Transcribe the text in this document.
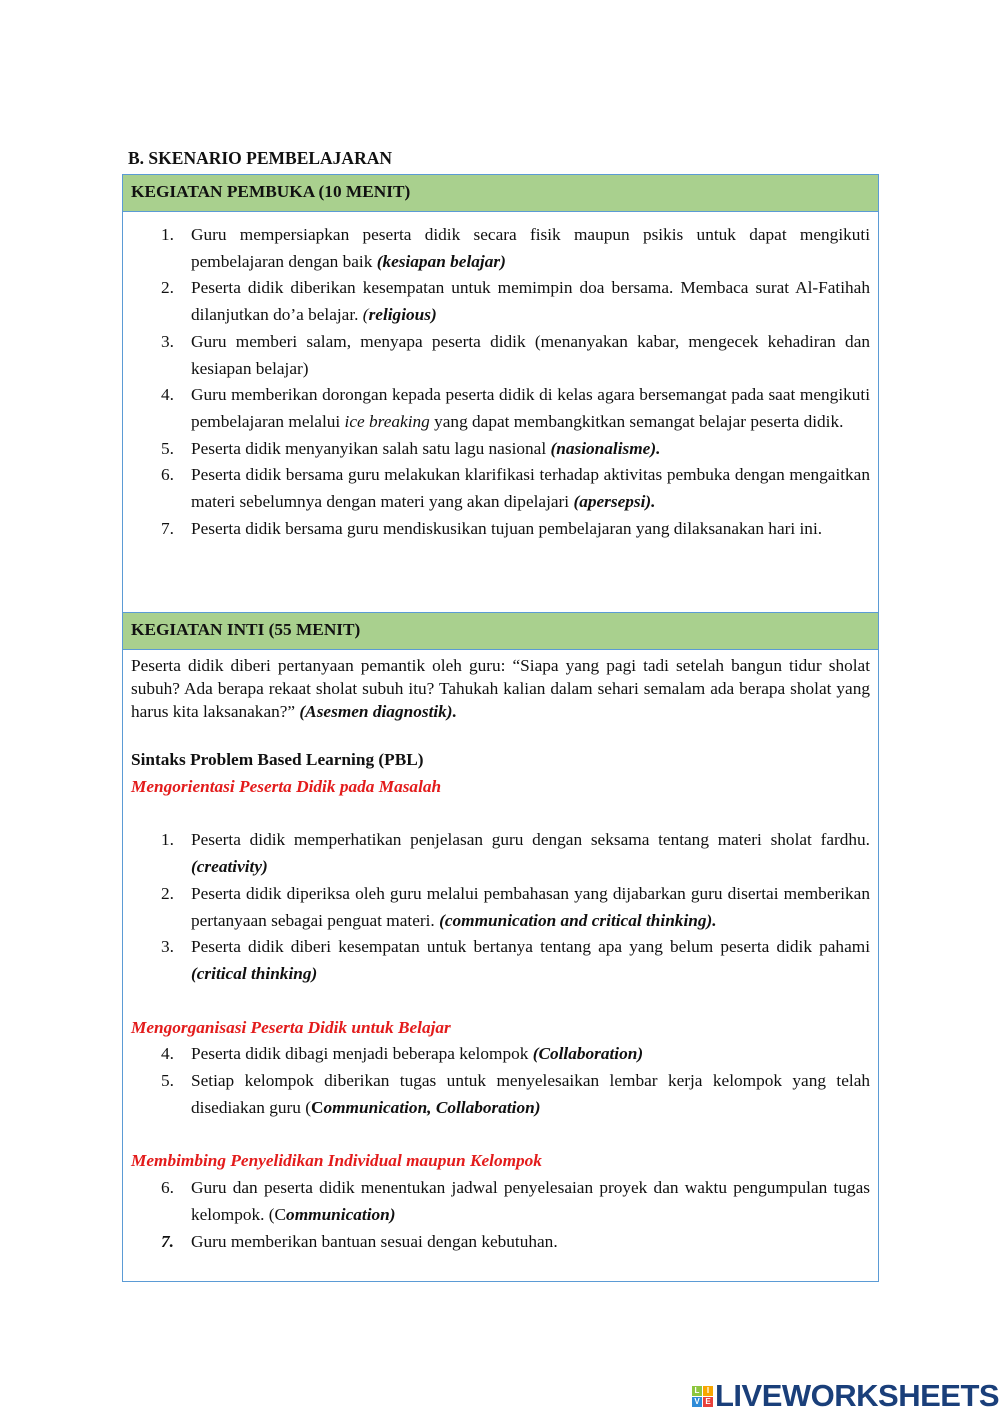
B. SKENARIO PEMBELAJARAN
KEGIATAN PEMBUKA (10 MENIT)
1. Guru mempersiapkan peserta didik secara fisik maupun psikis untuk dapat mengikuti pembelajaran dengan baik (kesiapan belajar)
2. Peserta didik diberikan kesempatan untuk memimpin doa bersama. Membaca surat Al-Fatihah dilanjutkan do’a belajar. (religious)
3. Guru memberi salam, menyapa peserta didik (menanyakan kabar, mengecek kehadiran dan kesiapan belajar)
4. Guru memberikan dorongan kepada peserta didik di kelas agara bersemangat pada saat mengikuti pembelajaran melalui ice breaking yang dapat membangkitkan semangat belajar peserta didik.
5. Peserta didik menyanyikan salah satu lagu nasional (nasionalisme).
6. Peserta didik bersama guru melakukan klarifikasi terhadap aktivitas pembuka dengan mengaitkan materi sebelumnya dengan materi yang akan dipelajari (apersepsi).
7. Peserta didik bersama guru mendiskusikan tujuan pembelajaran yang dilaksanakan hari ini.
KEGIATAN INTI (55 MENIT)
Peserta didik diberi pertanyaan pemantik oleh guru: “Siapa yang pagi tadi setelah bangun tidur sholat subuh? Ada berapa rekaat sholat subuh itu? Tahukah kalian dalam sehari semalam ada berapa sholat yang harus kita laksanakan?” (Asesmen diagnostik).
Sintaks Problem Based Learning (PBL)
Mengorientasi Peserta Didik pada Masalah
1. Peserta didik memperhatikan penjelasan guru dengan seksama tentang materi sholat fardhu. (creativity)
2. Peserta didik diperiksa oleh guru melalui pembahasan yang dijabarkan guru disertai memberikan pertanyaan sebagai penguat materi. (communication and critical thinking).
3. Peserta didik diberi kesempatan untuk bertanya tentang apa yang belum peserta didik pahami (critical thinking)
Mengorganisasi Peserta Didik untuk Belajar
4. Peserta didik dibagi menjadi beberapa kelompok (Collaboration)
5. Setiap kelompok diberikan tugas untuk menyelesaikan lembar kerja kelompok yang telah disediakan guru (Communication, Collaboration)
Membimbing Penyelidikan Individual maupun Kelompok
6. Guru dan peserta didik menentukan jadwal penyelesaian proyek dan waktu pengumpulan tugas kelompok. (Communication)
7. Guru memberikan bantuan sesuai dengan kebutuhan.
L I
V E LIVEWORKSHEETS
